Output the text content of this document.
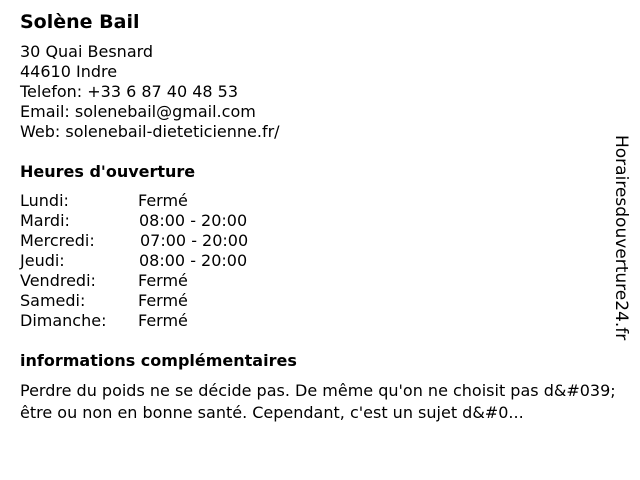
Solène Bail
30 Quai Besnard
44610 Indre
Telefon: +33 6 87 40 48 53
Email: solenebail@gmail.com
Web: solenebail-dieteticienne.fr/
Heures d'ouverture
Lundi:	Fermé
Mardi:	08:00 - 20:00
Mercredi:	07:00 - 20:00
Jeudi:	08:00 - 20:00
Vendredi:	Fermé
Samedi:	Fermé
Dimanche: Fermé
informations complémentaires
Perdre du poids ne se décide pas. De même qu'on ne choisit pas d&#039;être ou non en bonne santé. Cependant, c'est un sujet d&#0...
Horairesdouverture24.fr
